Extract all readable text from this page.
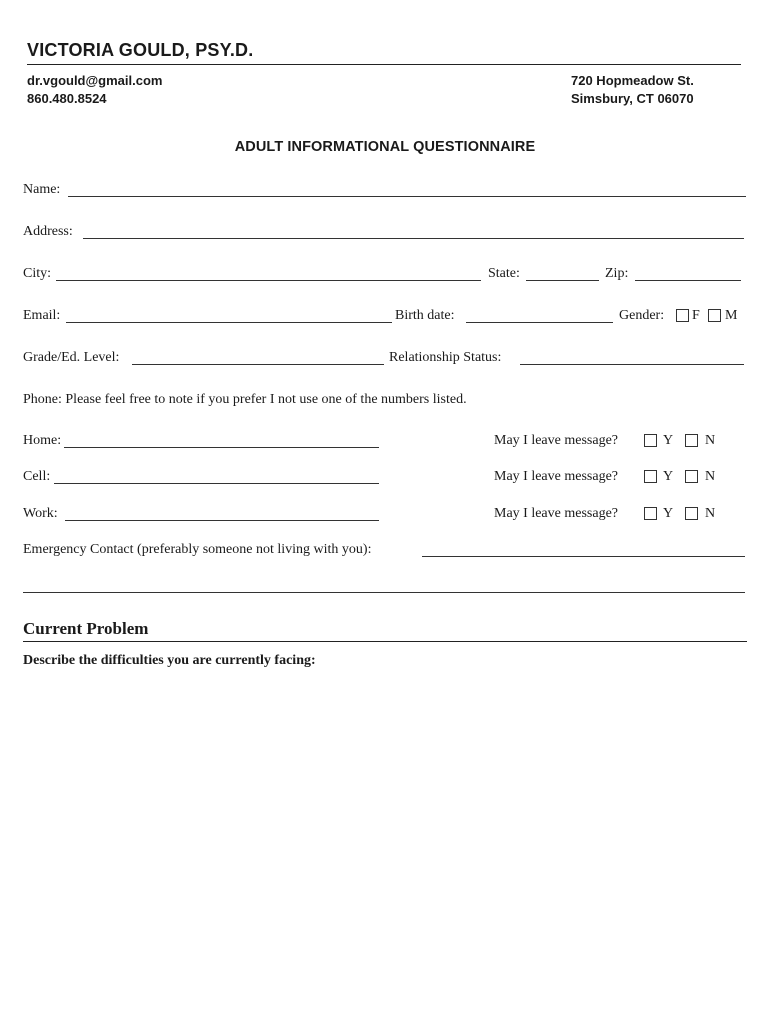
VICTORIA GOULD, PSY.D.
dr.vgould@gmail.com
860.480.8524
720 Hopmeadow St.
Simsbury, CT 06070
ADULT INFORMATIONAL QUESTIONNAIRE
Name:
Address:
City:	State:	Zip:
Email:	Birth date:	Gender: F M
Grade/Ed. Level:	Relationship Status:
Phone: Please feel free to note if you prefer I not use one of the numbers listed.
Home:	May I leave message?	Y N
Cell:	May I leave message?	Y N
Work:	May I leave message?	Y N
Emergency Contact (preferably someone not living with you):
Current Problem
Describe the difficulties you are currently facing:
